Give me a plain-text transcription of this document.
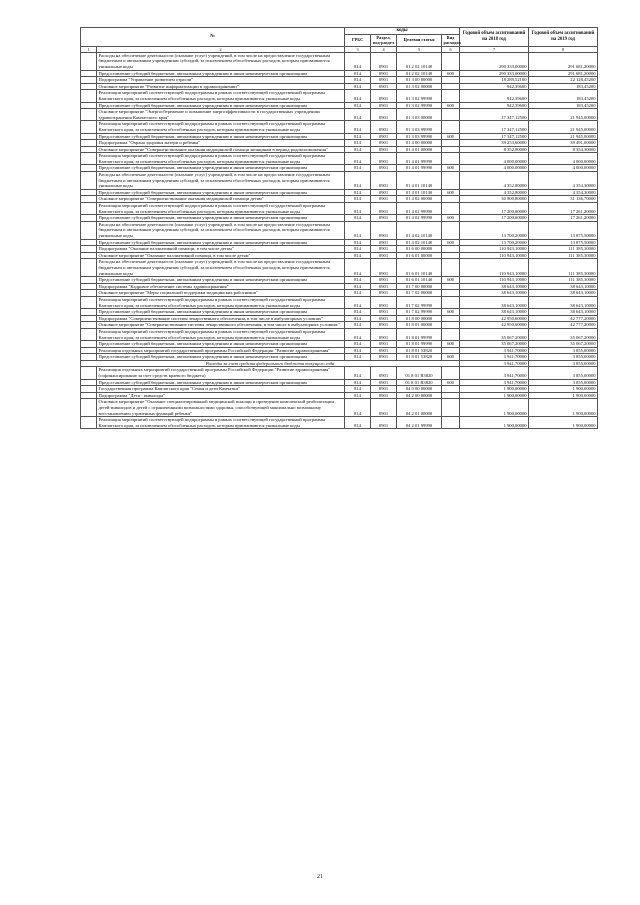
№		коды				Годовой объем ассигнований на 2018 год	Годовой объем ассигнований на 2019 год
		ГРБС	Раздел, под-раздел	Целевая статья	Вид расходов		
1	2	3	4	5	6	7	8
	Расходы на обеспечение деятельности (оказание услуг) учреждений, в том числе на предоставление государственным бюджетным и автономным учреждениям субсидий, за исключением обособленных расходов, которым присваиваются уникальные коды	814	0901	01 2 02 10140		290 333,00000	291 681,20000
	Предоставление субсидий бюджетным, автономным учреждениям и иным некоммерческим организациям	814	0901	01 2 02 10140	600	290 333,00000	291 681,20000
	Подпрограмма "Управление развитием отрасли"	814	0901	01 3 00 00000		18 289,52100	22 128,45200
	Основное мероприятие "Развитие информатизации в здравоохранении"	814	0901	01 3 02 00000		942,39600	183,45200
	Реализация мероприятий соответствующей подпрограммы в рамках соответствующей государственной программы Камчатского края, за исключением обособленных расходов, которым присваиваются уникальные коды	814	0901	01 3 02 99990		942,39600	183,45200
	Предоставление субсидий бюджетным, автономным учреждениям и иным некоммерческим организациям	814	0901	01 3 02 99990	600	942,39600	183,45200
	Основное мероприятие "Энергосбережение и повышение энергоэффективности в государственных учреждениях здравоохранения Камчатского края"	814	0901	01 3 03 00000		17 347,12500	21 945,00000
	Реализация мероприятий соответствующей подпрограммы в рамках соответствующей государственной программы Камчатского края, за исключением обособленных расходов, которым присваиваются уникальные коды	814	0901	01 3 03 99990		17 347,12500	21 945,00000
	Предоставление субсидий бюджетным, автономным учреждениям и иным некоммерческим организациям	814	0901	01 3 03 99990	600	17 347,12500	21 945,00000
	Подпрограмма "Охрана здоровья матери и ребенка"	814	0901	01 4 00 00000		39 253,60000	39 491,00000
	Основное мероприятие "Совершенствование оказания медицинской помощи женщинам в период родовспоможения"	814	0901	01 4 01 00000		8 352,80000	8 354,30000
	Реализация мероприятий соответствующей подпрограммы в рамках соответствующей государственной программы Камчатского края, за исключением обособленных расходов, которым присваиваются уникальные коды	814	0901	01 4 01 99990		4 000,00000	4 000,00000
	Предоставление субсидий бюджетным, автономным учреждениям и иным некоммерческим организациям	814	0901	01 4 01 99990	600	4 000,00000	4 000,00000
	Расходы на обеспечение деятельности (оказание услуг) учреждений, в том числе на предоставление государственным бюджетным и автономным учреждениям субсидий, за исключением обособленных расходов, которым присваиваются уникальные коды	814	0901	01 4 01 10140		4 352,80000	4 354,30000
	Предоставление субсидий бюджетным, автономным учреждениям и иным некоммерческим организациям	814	0901	01 4 01 10140	600	4 352,80000	4 354,30000
	Основное мероприятие "Совершенствование оказания медицинской помощи детям"	814	0901	01 4 02 00000		30 900,80000	31 136,70000
	Реализация мероприятий соответствующей подпрограммы в рамках соответствующей государственной программы Камчатского края, за исключением обособленных расходов, которым присваиваются уникальные коды	814	0901	01 4 02 99990		17 200,60000	17 261,20000
	Предоставление субсидий бюджетным, автономным учреждениям и иным некоммерческим организациям	814	0901	01 4 02 99990	600	17 200,60000	17 261,20000
	Расходы на обеспечение деятельности (оказание услуг) учреждений, в том числе на предоставление государственным бюджетным и автономным учреждениям субсидий, за исключением обособленных расходов, которым присваиваются уникальные коды	814	0901	01 4 02 10140		13 700,20000	13 875,50000
	Предоставление субсидий бюджетным, автономным учреждениям и иным некоммерческим организациям	814	0901	01 4 02 10140	600	13 700,20000	13 875,50000
	Подпрограмма "Оказание паллиативной помощи, в том числе детям"	814	0901	01 6 00 00000		110 943,10000	111 385,30000
	Основное мероприятие "Оказание паллиативной помощи, в том числе детям"	814	0901	01 6 01 00000		110 943,10000	111 385,30000
	Расходы на обеспечение деятельности (оказание услуг) учреждений, в том числе на предоставление государственным бюджетным и автономным учреждениям субсидий, за исключением обособленных расходов, которым присваиваются уникальные коды	814	0901	01 6 01 10140		110 943,10000	111 385,30000
	Предоставление субсидий бюджетным, автономным учреждениям и иным некоммерческим организациям	814	0901	01 6 01 10140	600	110 943,10000	111 385,30000
	Подпрограмма "Кадровое обеспечение системы здравоохранения"	814	0901	01 7 00 00000		38 643,10000	38 643,10000
	Основное мероприятие "Меры социальной поддержки медицинских работников"	814	0901	01 7 02 00000		38 643,10000	38 643,10000
	Реализация мероприятий соответствующей подпрограммы в рамках соответствующей государственной программы Камчатского края, за исключением обособленных расходов, которым присваиваются уникальные коды	814	0901	01 7 02 99990		38 643,10000	38 643,10000
	Предоставление субсидий бюджетным, автономным учреждениям и иным некоммерческим организациям	814	0901	01 7 02 99990	600	38 643,10000	38 643,10000
	Подпрограмма "Совершенствование системы лекарственного обеспечения, в том числе в амбулаторных условиях"	814	0901	01 8 00 00000		42 950,60000	42 777,20000
	Основное мероприятие "Совершенствование системы лекарственного обеспечения, в том числе в амбулаторных условиях"	814	0901	01 8 01 00000		42 950,60000	42 777,20000
	Реализация мероприятий соответствующей подпрограммы в рамках соответствующей государственной программы Камчатского края, за исключением обособленных расходов, которым присваиваются уникальные коды	814	0901	01 8 01 99990		35 067,20000	35 067,20000
	Предоставление субсидий бюджетным, автономным учреждениям и иным некоммерческим организациям	814	0901	01 8 01 99990	600	35 067,20000	35 067,20000
	Реализация отдельных мероприятий государственной программы Российской Федерации "Развитие здравоохранения"	814	0901	01 8 01 53820		3 941,70000	3 855,00000
	Предоставление субсидий бюджетным, автономным учреждениям и иным некоммерческим организациям	814	0901	01 8 01 53820	600	3 941,70000	3 855,00000
Расходы за счет средств федерального бюджета текущего года						3 941,70000	3 855,00000
	Реализация отдельных мероприятий государственной программы Российской Федерации "Развитие здравоохранения" (софинансирование за счет средств краевого бюджета)	814	0901	01 8 01 R3820		3 941,70000	3 855,00000
	Предоставление субсидий бюджетным, автономным учреждениям и иным некоммерческим организациям	814	0901	01 8 01 R3820	600	3 941,70000	3 855,00000
	Государственная программа Камчатского края "Семья и дети Камчатки"	814	0901	04 0 00 00000		1 900,00000	1 900,00000
	Подпрограмма "Дети - инвалиды"	814	0901	04 2 00 00000		1 900,00000	1 900,00000
	Основное мероприятие "Оказание специализированной медицинской помощи и проведение комплексной реабилитации детей-инвалидов и детей с ограниченными возможностями здоровья, способствующей максимально возможному восстановлению утраченных функций ребенка"	814	0901	04 2 01 00000		1 900,00000	1 900,00000
	Реализация мероприятий соответствующей подпрограммы в рамках соответствующей государственной программы Камчатского края, за исключением обособленных расходов, которым присваиваются уникальные коды	814	0901	04 2 01 99990		1 900,00000	1 900,00000
21
